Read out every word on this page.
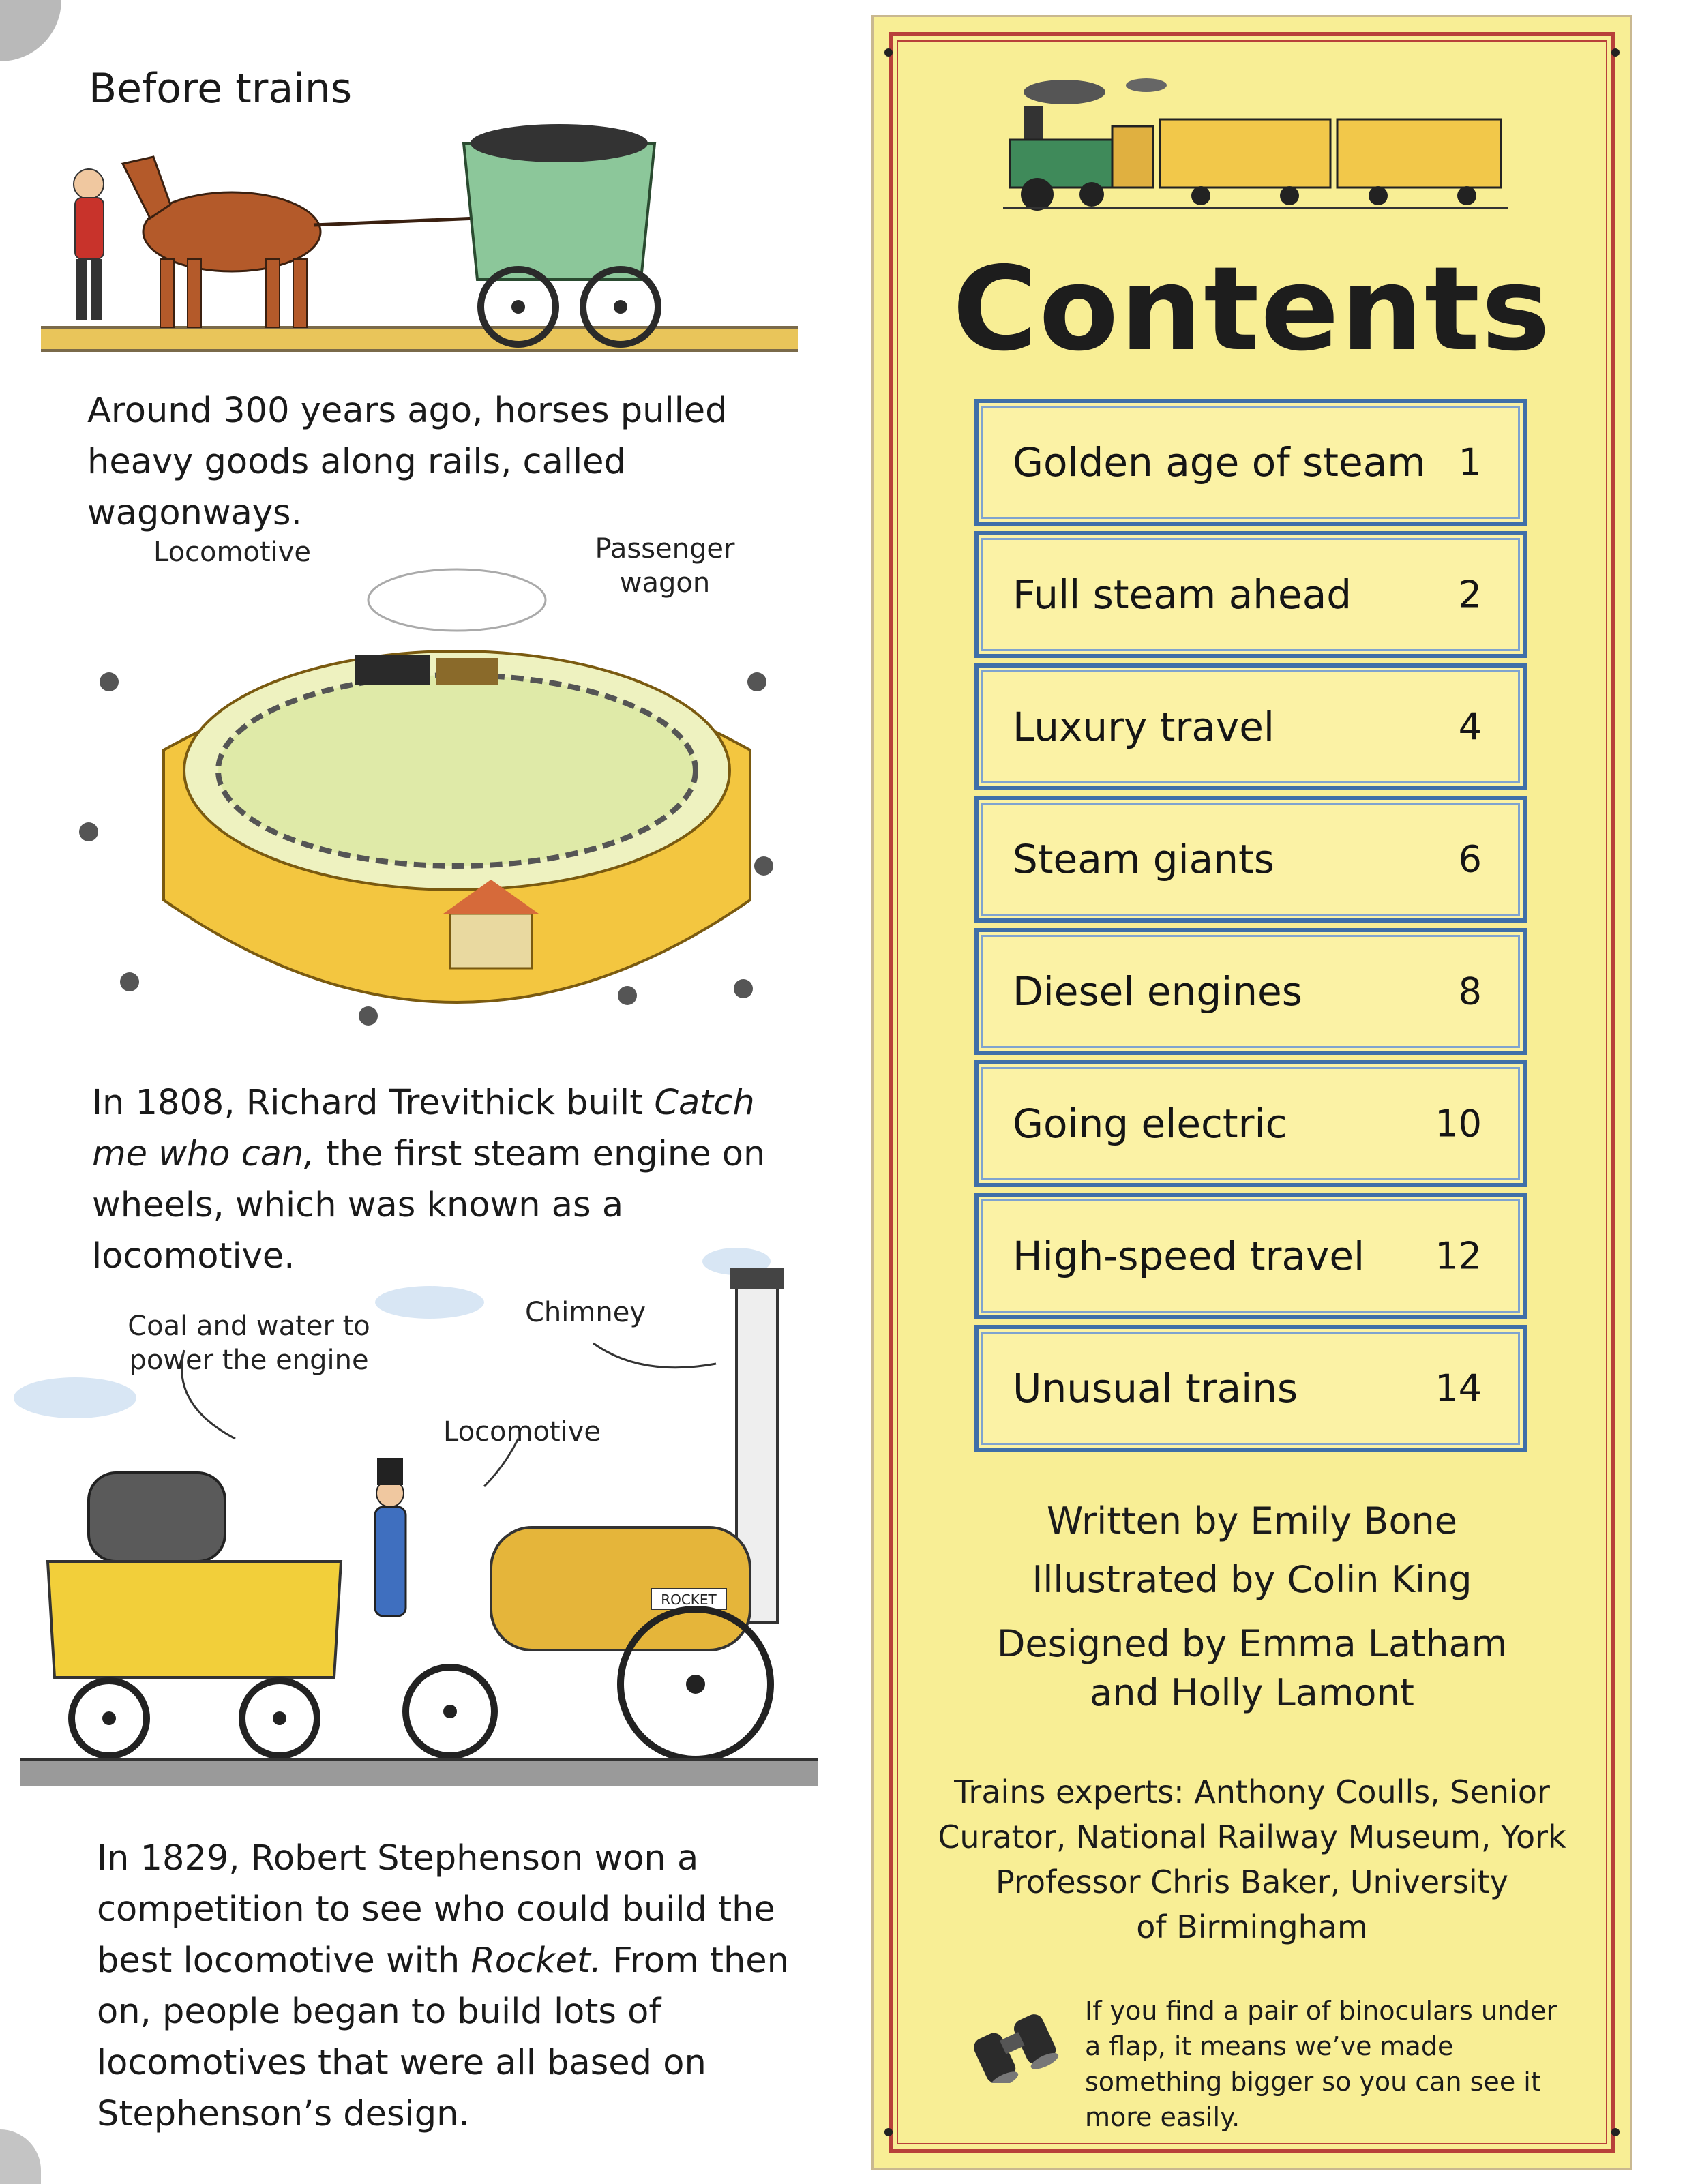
Before trains
Around 300 years ago, horses pulled heavy goods along rails, called wagonways.
Locomotive	Passenger
wagon
In 1808, Richard Trevithick built Catch me who can, the first steam engine on wheels, which was known as a locomotive.
Coal and water to
power the engine
Chimney
Locomotive
ROCKET
In 1829, Robert Stephenson won a competition to see who could build the best locomotive with Rocket. From then on, people began to build lots of locomotives that were all based on Stephenson’s design.
Contents
Golden age of steam 1
Full steam ahead	2
Luxury travel	4
Steam giants	6
Diesel engines	8
Going electric	10
High-speed travel 12
Unusual trains	14
Written by Emily Bone
Illustrated by Colin King
Designed by Emma Latham
and Holly Lamont
Trains experts: Anthony Coulls, Senior
Curator, National Railway Museum, York
Professor Chris Baker, University
of Birmingham
If you find a pair of binoculars under a flap, it means we’ve made something bigger so you can see it more easily.
